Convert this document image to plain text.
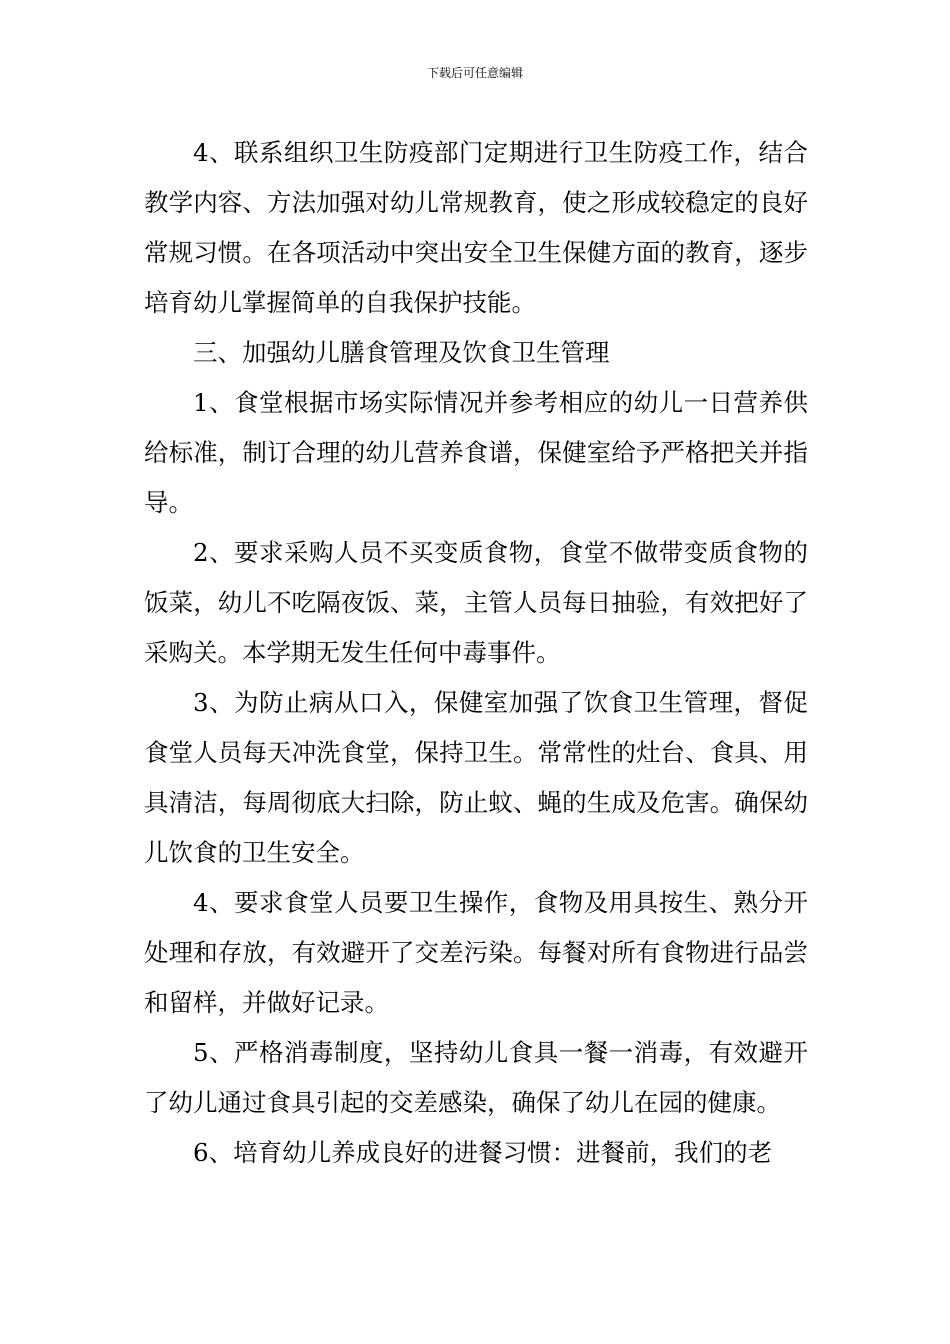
下载后可任意编辑

4、联系组织卫生防疫部门定期进行卫生防疫工作，结合教学内容、方法加强对幼儿常规教育，使之形成较稳定的良好常规习惯。在各项活动中突出安全卫生保健方面的教育，逐步培育幼儿掌握简单的自我保护技能。

三、加强幼儿膳食管理及饮食卫生管理

1、食堂根据市场实际情况并参考相应的幼儿一日营养供给标准，制订合理的幼儿营养食谱，保健室给予严格把关并指导。

2、要求采购人员不买变质食物，食堂不做带变质食物的饭菜，幼儿不吃隔夜饭、菜，主管人员每日抽验，有效把好了采购关。本学期无发生任何中毒事件。

3、为防止病从口入，保健室加强了饮食卫生管理，督促食堂人员每天冲洗食堂，保持卫生。常常性的灶台、食具、用具清洁，每周彻底大扫除，防止蚊、蝇的生成及危害。确保幼儿饮食的卫生安全。

4、要求食堂人员要卫生操作，食物及用具按生、熟分开处理和存放，有效避开了交差污染。每餐对所有食物进行品尝和留样，并做好记录。

5、严格消毒制度，坚持幼儿食具一餐一消毒，有效避开了幼儿通过食具引起的交差感染，确保了幼儿在园的健康。

6、培育幼儿养成良好的进餐习惯：进餐前，我们的老
